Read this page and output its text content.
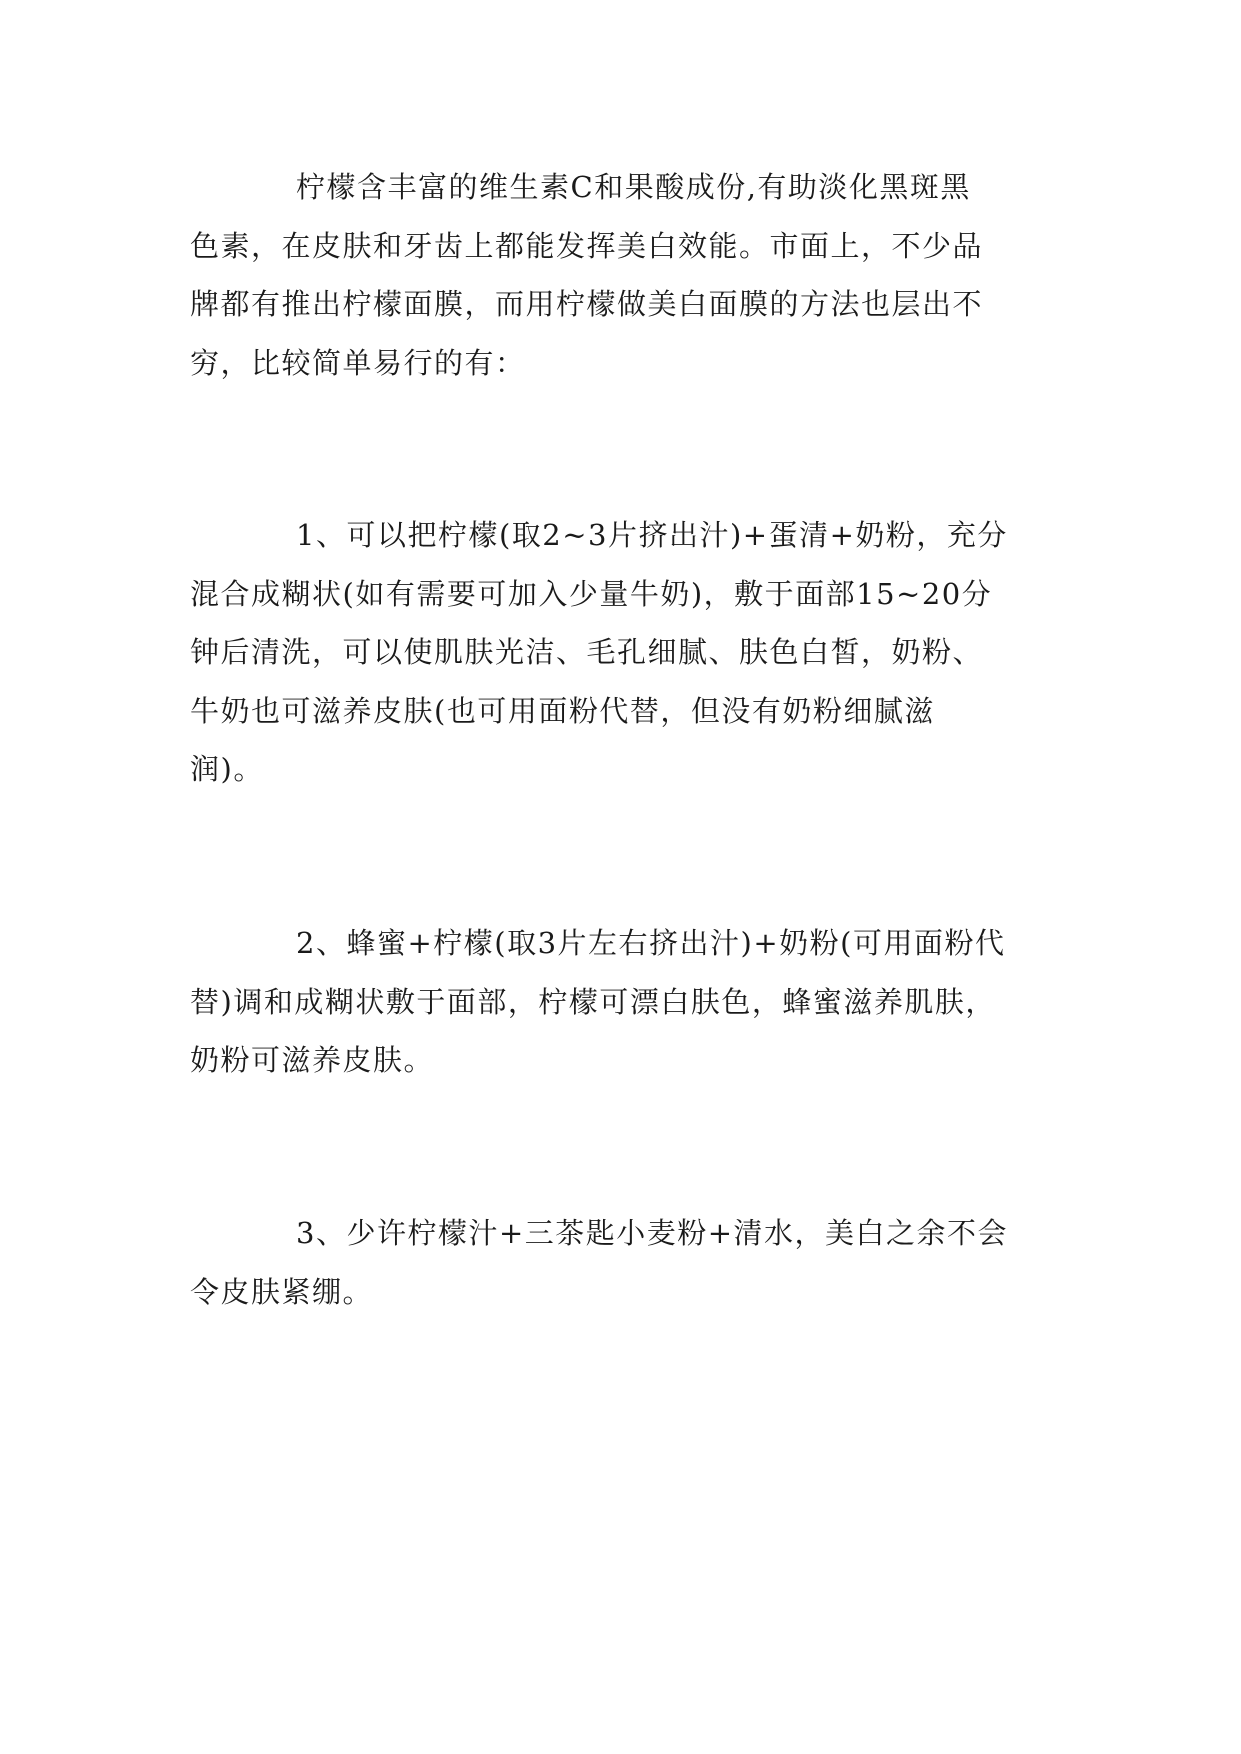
柠檬含丰富的维生素C和果酸成份,有助淡化黑斑黑
色素，在皮肤和牙齿上都能发挥美白效能。市面上，不少品
牌都有推出柠檬面膜，而用柠檬做美白面膜的方法也层出不
穷，比较简单易行的有：

1、可以把柠檬(取2~3片挤出汁)+蛋清+奶粉，充分
混合成糊状(如有需要可加入少量牛奶)，敷于面部15~20分
钟后清洗，可以使肌肤光洁、毛孔细腻、肤色白皙，奶粉、
牛奶也可滋养皮肤(也可用面粉代替，但没有奶粉细腻滋
润)。

2、蜂蜜+柠檬(取3片左右挤出汁)+奶粉(可用面粉代
替)调和成糊状敷于面部，柠檬可漂白肤色，蜂蜜滋养肌肤，
奶粉可滋养皮肤。

3、少许柠檬汁+三茶匙小麦粉+清水，美白之余不会
令皮肤紧绷。
